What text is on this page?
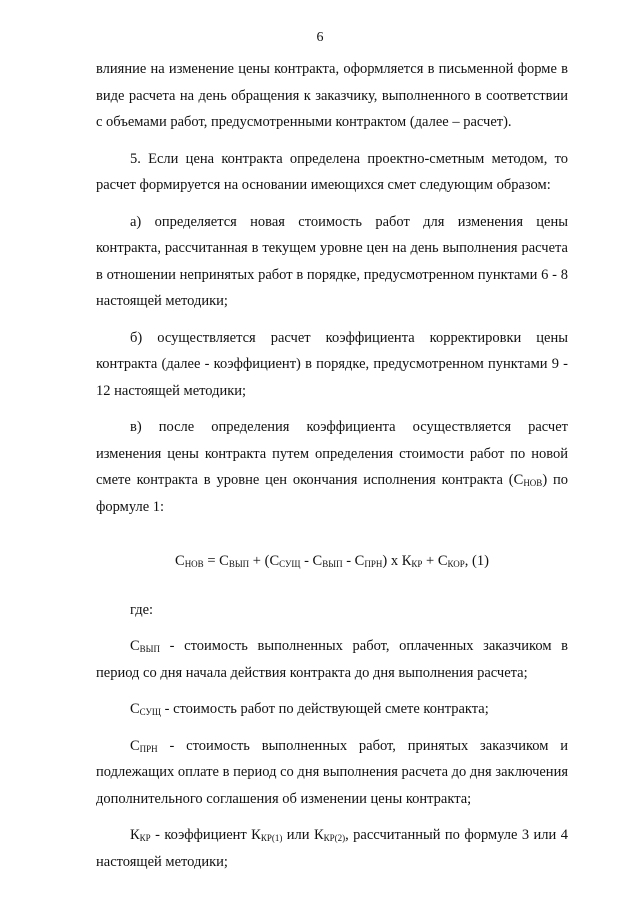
6

влияние на изменение цены контракта, оформляется в письменной форме в виде расчета на день обращения к заказчику, выполненного в соответствии с объемами работ, предусмотренными контрактом (далее – расчет).

5. Если цена контракта определена проектно-сметным методом, то расчет формируется на основании имеющихся смет следующим образом:

а) определяется новая стоимость работ для изменения цены контракта, рассчитанная в текущем уровне цен на день выполнения расчета в отношении непринятых работ в порядке, предусмотренном пунктами 6 - 8 настоящей методики;

б) осуществляется расчет коэффициента корректировки цены контракта (далее - коэффициент) в порядке, предусмотренном пунктами 9 - 12 настоящей методики;

в) после определения коэффициента осуществляется расчет изменения цены контракта путем определения стоимости работ по новой смете контракта в уровне цен окончания исполнения контракта $(С_{НОВ})$ по формуле 1:

$С_{НОВ} = С_{ВЫП} + (С_{СУЩ} - С_{ВЫП} - С_{ПРН})$ x $К_{КР} + С_{КОР}$, (1)

где:

$С_{ВЫП}$ - стоимость выполненных работ, оплаченных заказчиком в период со дня начала действия контракта до дня выполнения расчета;

$С_{СУЩ}$ - стоимость работ по действующей смете контракта;

$С_{ПРН}$ - стоимость выполненных работ, принятых заказчиком и подлежащих оплате в период со дня выполнения расчета до дня заключения дополнительного соглашения об изменении цены контракта;

$К_{КР}$ - коэффициент $К_{КР(1)}$ или $К_{КР(2)}$, рассчитанный по формуле 3 или 4 настоящей методики;
